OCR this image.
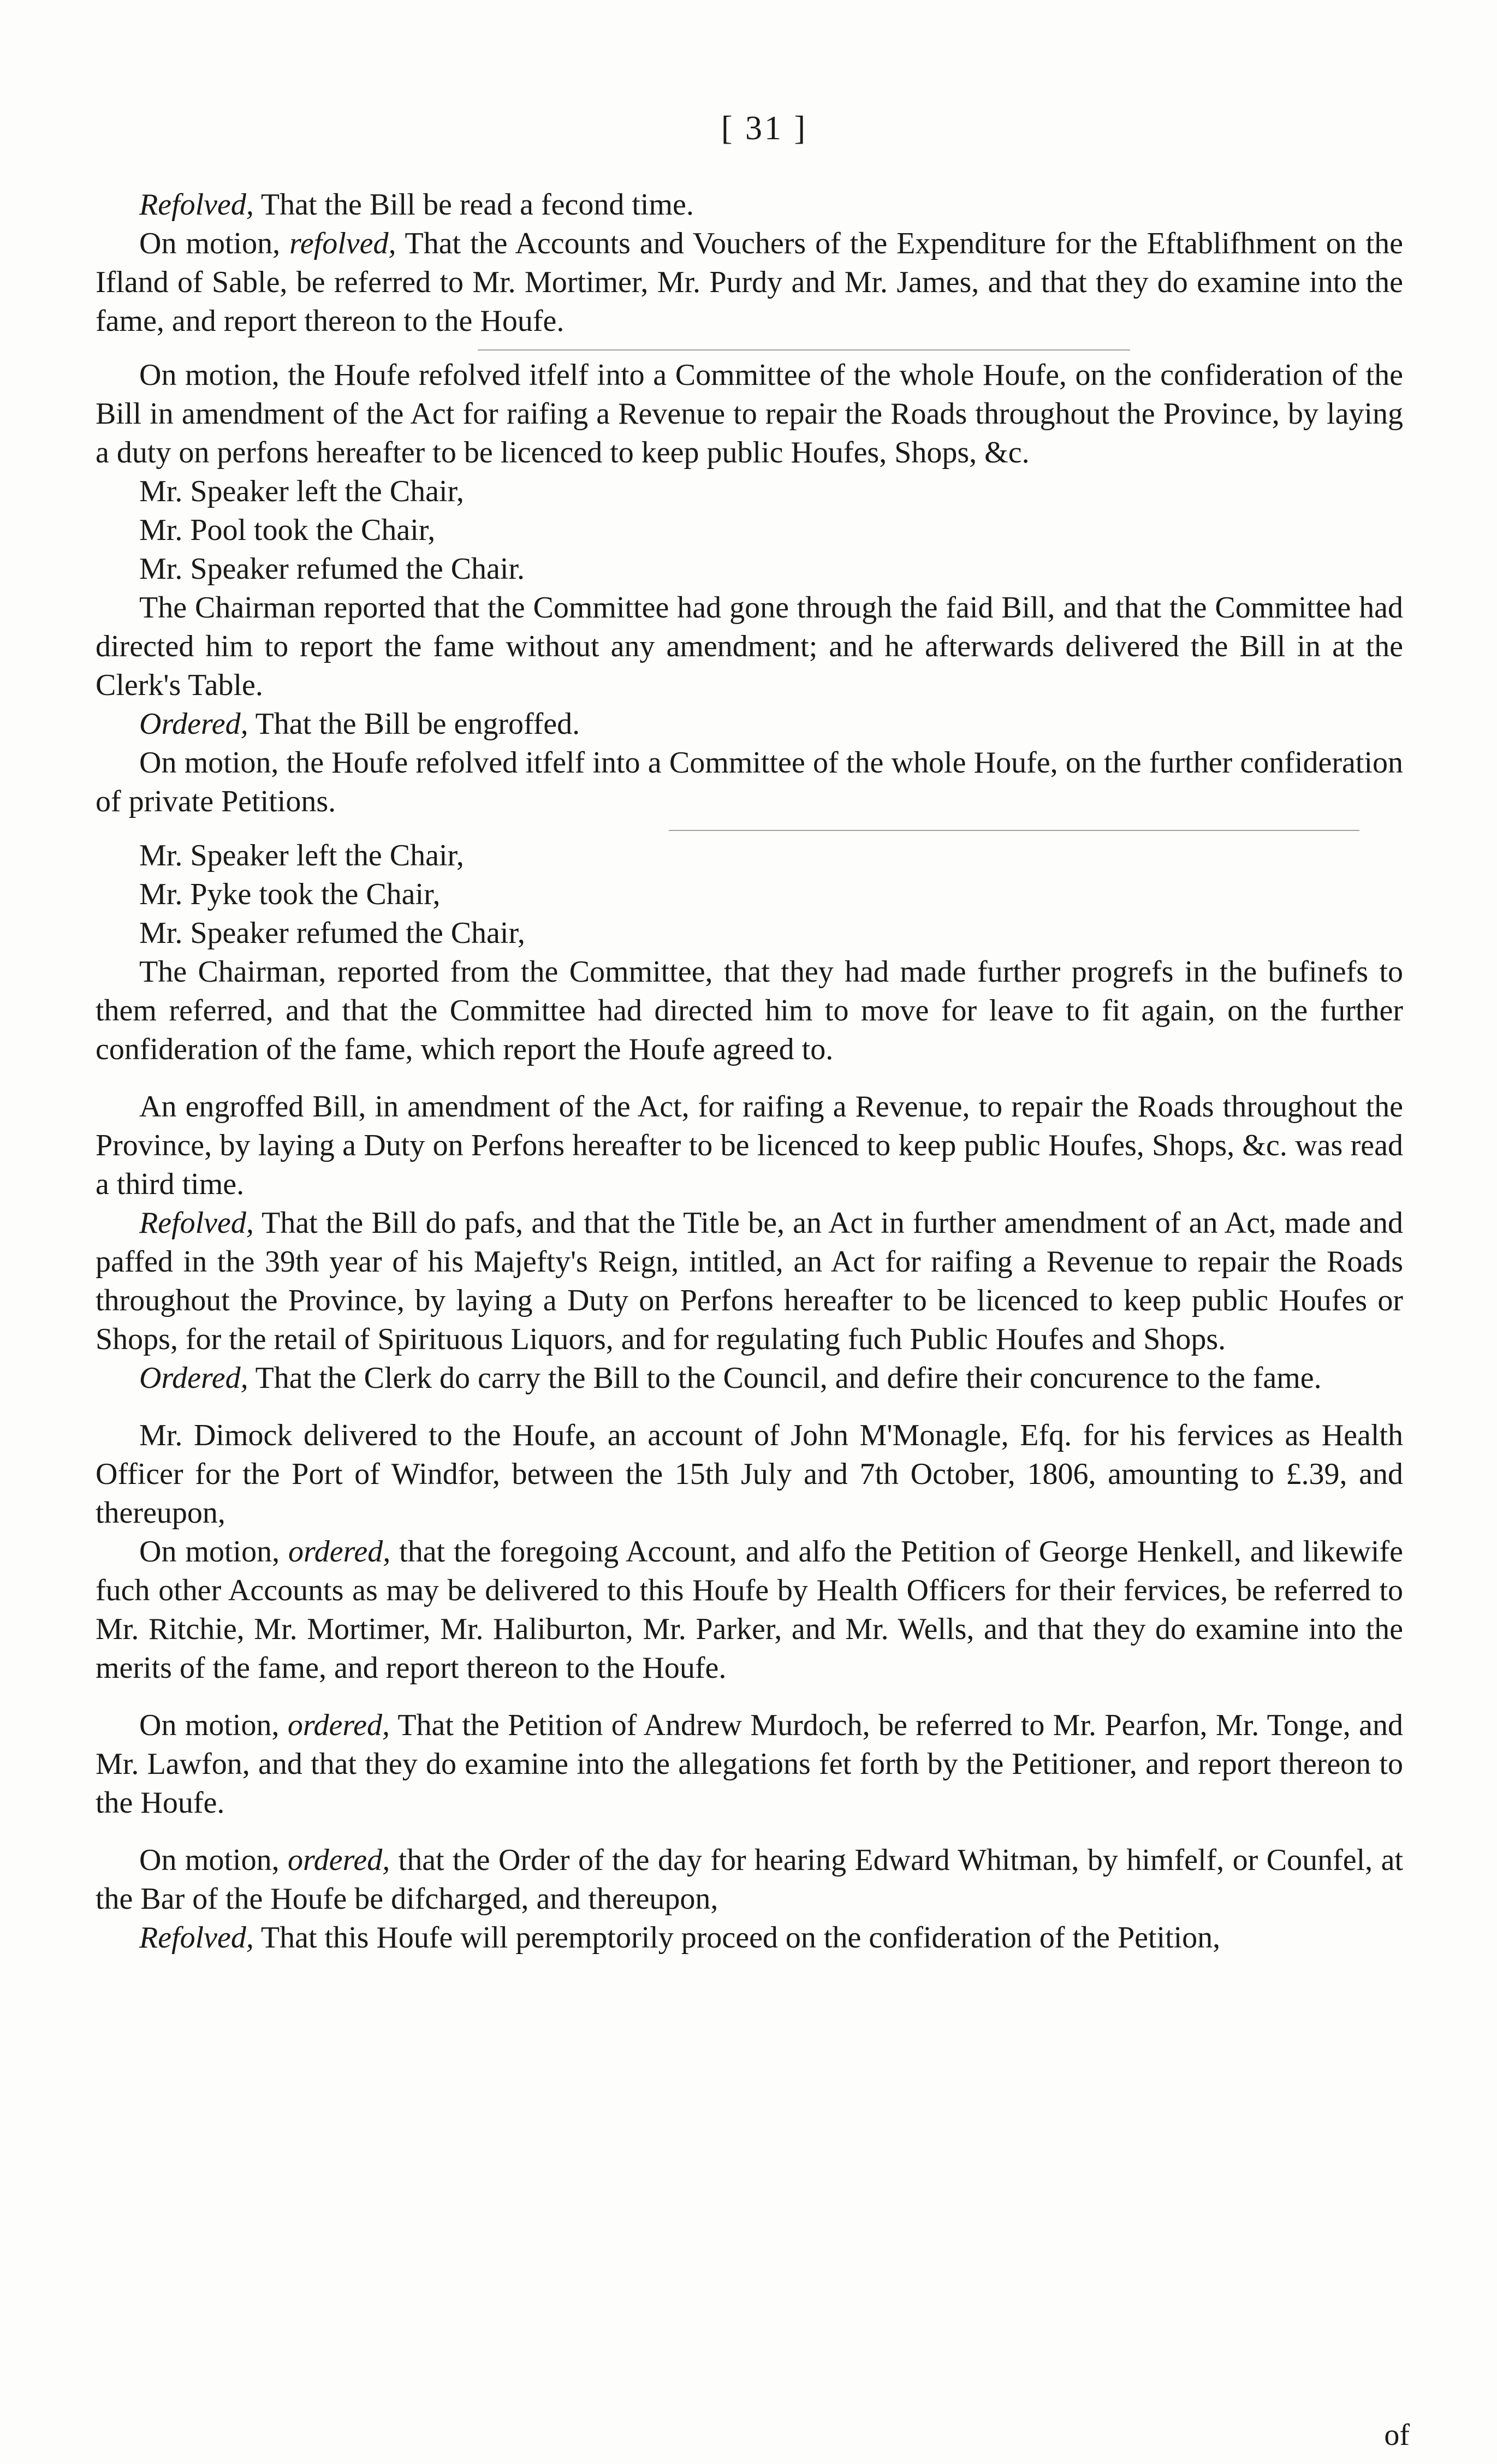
[ 31 ]

Refolved, That the Bill be read a fecond time.

On motion, refolved, That the Accounts and Vouchers of the Expenditure for the Eftablifhment on the Ifland of Sable, be referred to Mr. Mortimer, Mr. Purdy and Mr. James, and that they do examine into the fame, and report thereon to the Houfe.

On motion, the Houfe refolved itfelf into a Committee of the whole Houfe, on the confideration of the Bill in amendment of the Act for raifing a Revenue to repair the Roads throughout the Province, by laying a duty on perfons hereafter to be licenced to keep public Houfes, Shops, &c.

Mr. Speaker left the Chair,

Mr. Pool took the Chair,

Mr. Speaker refumed the Chair.

The Chairman reported that the Committee had gone through the faid Bill, and that the Committee had directed him to report the fame without any amendment; and he afterwards delivered the Bill in at the Clerk's Table.

Ordered, That the Bill be engroffed.

On motion, the Houfe refolved itfelf into a Committee of the whole Houfe, on the further confideration of private Petitions.

Mr. Speaker left the Chair,

Mr. Pyke took the Chair,

Mr. Speaker refumed the Chair,

The Chairman, reported from the Committee, that they had made further progrefs in the bufinefs to them referred, and that the Committee had directed him to move for leave to fit again, on the further confideration of the fame, which report the Houfe agreed to.

An engroffed Bill, in amendment of the Act, for raifing a Revenue, to repair the Roads throughout the Province, by laying a Duty on Perfons hereafter to be licenced to keep public Houfes, Shops, &c. was read a third time.

Refolved, That the Bill do pafs, and that the Title be, an Act in further amendment of an Act, made and paffed in the 39th year of his Majefty's Reign, intitled, an Act for raifing a Revenue to repair the Roads throughout the Province, by laying a Duty on Perfons hereafter to be licenced to keep public Houfes or Shops, for the retail of Spirituous Liquors, and for regulating fuch Public Houfes and Shops.

Ordered, That the Clerk do carry the Bill to the Council, and defire their concurence to the fame.

Mr. Dimock delivered to the Houfe, an account of John M'Monagle, Efq. for his fervices as Health Officer for the Port of Windfor, between the 15th July and 7th October, 1806, amounting to £.39, and thereupon,

On motion, ordered, that the foregoing Account, and alfo the Petition of George Henkell, and likewife fuch other Accounts as may be delivered to this Houfe by Health Officers for their fervices, be referred to Mr. Ritchie, Mr. Mortimer, Mr. Haliburton, Mr. Parker, and Mr. Wells, and that they do examine into the merits of the fame, and report thereon to the Houfe.

On motion, ordered, That the Petition of Andrew Murdoch, be referred to Mr. Pearfon, Mr. Tonge, and Mr. Lawfon, and that they do examine into the allegations fet forth by the Petitioner, and report thereon to the Houfe.

On motion, ordered, that the Order of the day for hearing Edward Whitman, by himfelf, or Counfel, at the Bar of the Houfe be difcharged, and thereupon,

Refolved, That this Houfe will peremptorily proceed on the confideration of the Petition,

of
